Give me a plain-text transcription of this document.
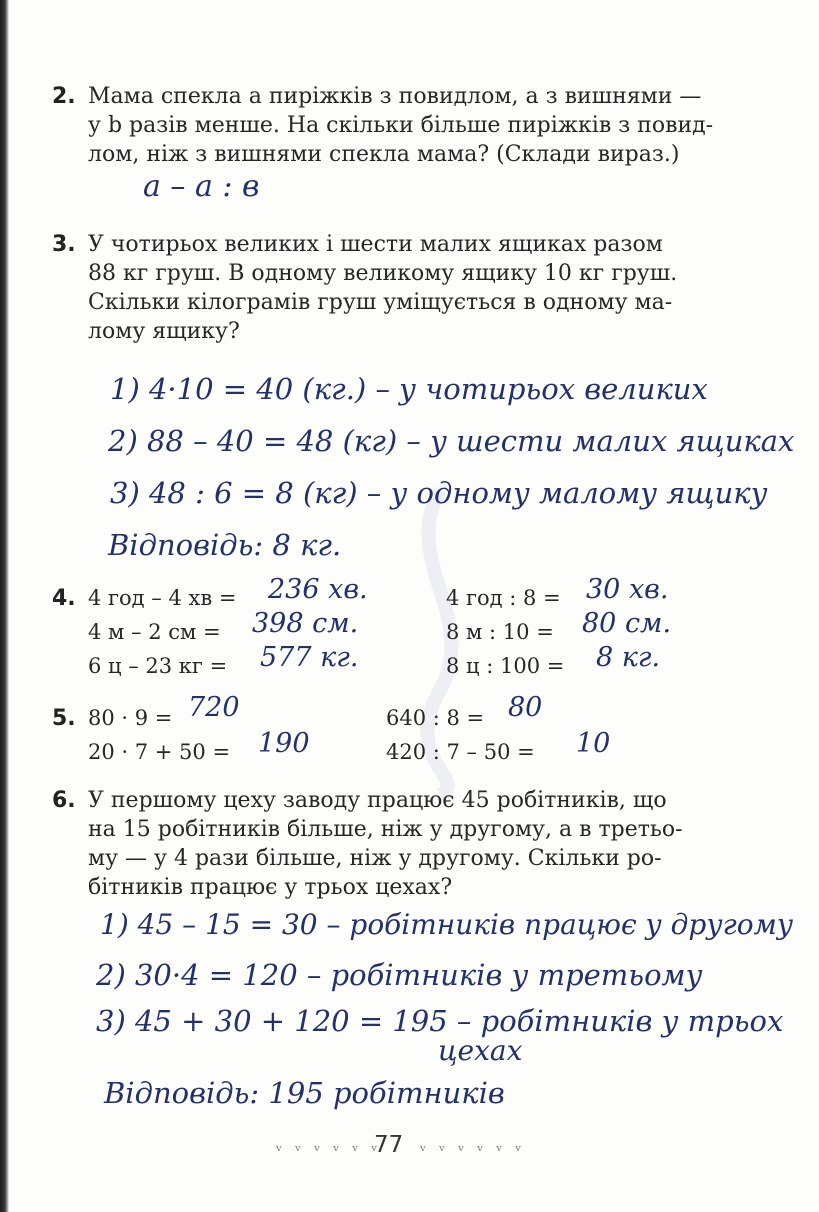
2. Мама спекла a пиріжків з повидлом, а з вишнями —
у b разів менше. На скільки більше пиріжків з повид-
лом, ніж з вишнями спекла мама? (Склади вираз.)
a – a : в
3. У чотирьох великих і шести малих ящиках разом
88 кг груш. В одному великому ящику 10 кг груш.
Скільки кілограмів груш уміщується в одному ма-
лому ящику?
1) 4·10 = 40 (кг.) – у чотирьох великих
2) 88 – 40 = 48 (кг) – у шести малих ящиках
3) 48 : 6 = 8 (кг) – у одному малому ящику
Відповідь: 8 кг.
4. 4 год – 4 хв = 236 хв.
4 м – 2 см = 398 см.
6 ц – 23 кг = 577 кг.
4 год : 8 = 30 хв.
8 м : 10 = 80 см.
8 ц : 100 = 8 кг.
5. 80 · 9 = 720
20 · 7 + 50 = 190
640 : 8 = 80
420 : 7 – 50 = 10
6. У першому цеху заводу працює 45 робітників, що
на 15 робітників більше, ніж у другому, а в третьо-
му — у 4 рази більше, ніж у другому. Скільки ро-
бітників працює у трьох цехах?
1) 45 – 15 = 30 – робітників працює у другому
2) 30·4 = 120 – робітників у третьому
3) 45 + 30 + 120 = 195 – робітників у трьох
цехах
Відповідь: 195 робітників
ᵥ ᵥ ᵥ ᵥ ᵥ ᵥ
77 ᵥ ᵥ ᵥ ᵥ ᵥ ᵥ
